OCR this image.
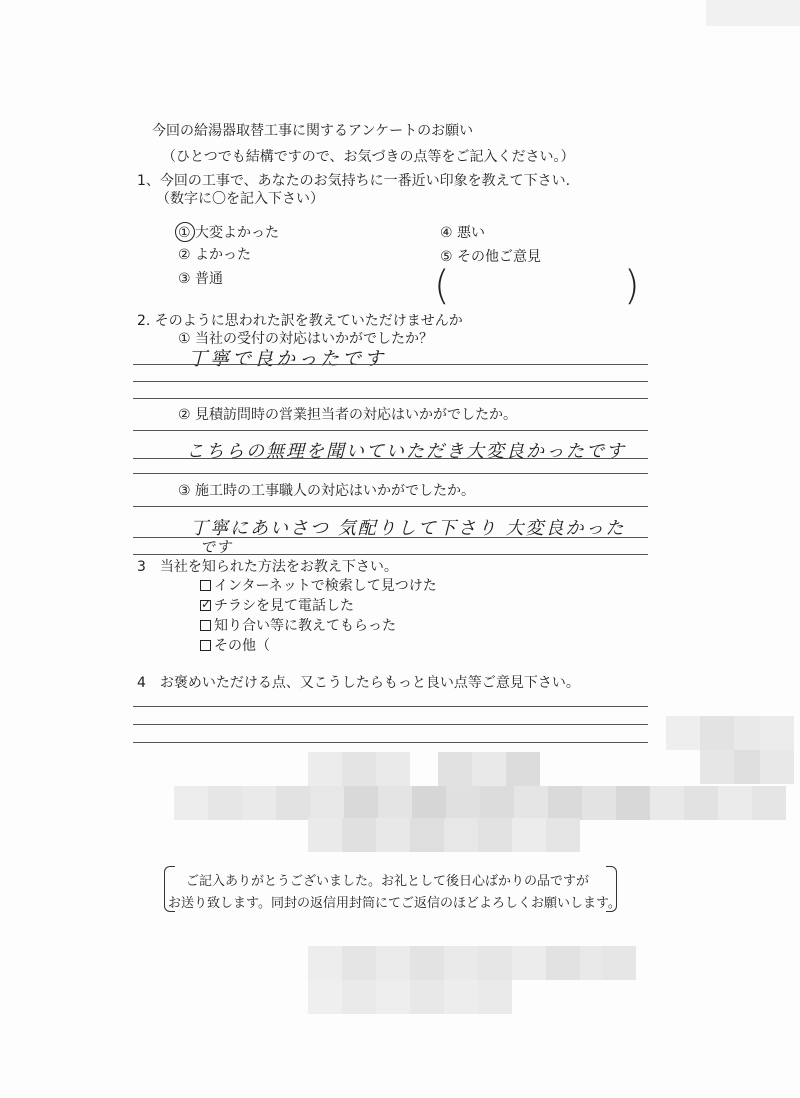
今回の給湯器取替工事に関するアンケートのお願い
（ひとつでも結構ですので、お気づきの点等をご記入ください。）
1、今回の工事で、あなたのお気持ちに一番近い印象を教えて下さい.
（数字に〇を記入下さい）
① 大変よかった
② よかった
③ 普通
④ 悪い
⑤ その他ご意見
(	)
2. そのように思われた訳を教えていただけませんか
① 当社の受付の対応はいかがでしたか？
丁寧で良かったです
② 見積訪問時の営業担当者の対応はいかがでしたか。
こちらの無理を聞いていただき大変良かったです
③ 施工時の工事職人の対応はいかがでしたか。
丁寧にあいさつ 気配りして下さり 大変良かった
です
3　当社を知られた方法をお教え下さい。
インターネットで検索して見つけた
✓チラシを見て電話した
知り合い等に教えてもらった
その他（
4　お褒めいただける点、又こうしたらもっと良い点等ご意見下さい。
ご記入ありがとうございました。お礼として後日心ばかりの品ですが
お送り致します。同封の返信用封筒にてご返信のほどよろしくお願いします。
